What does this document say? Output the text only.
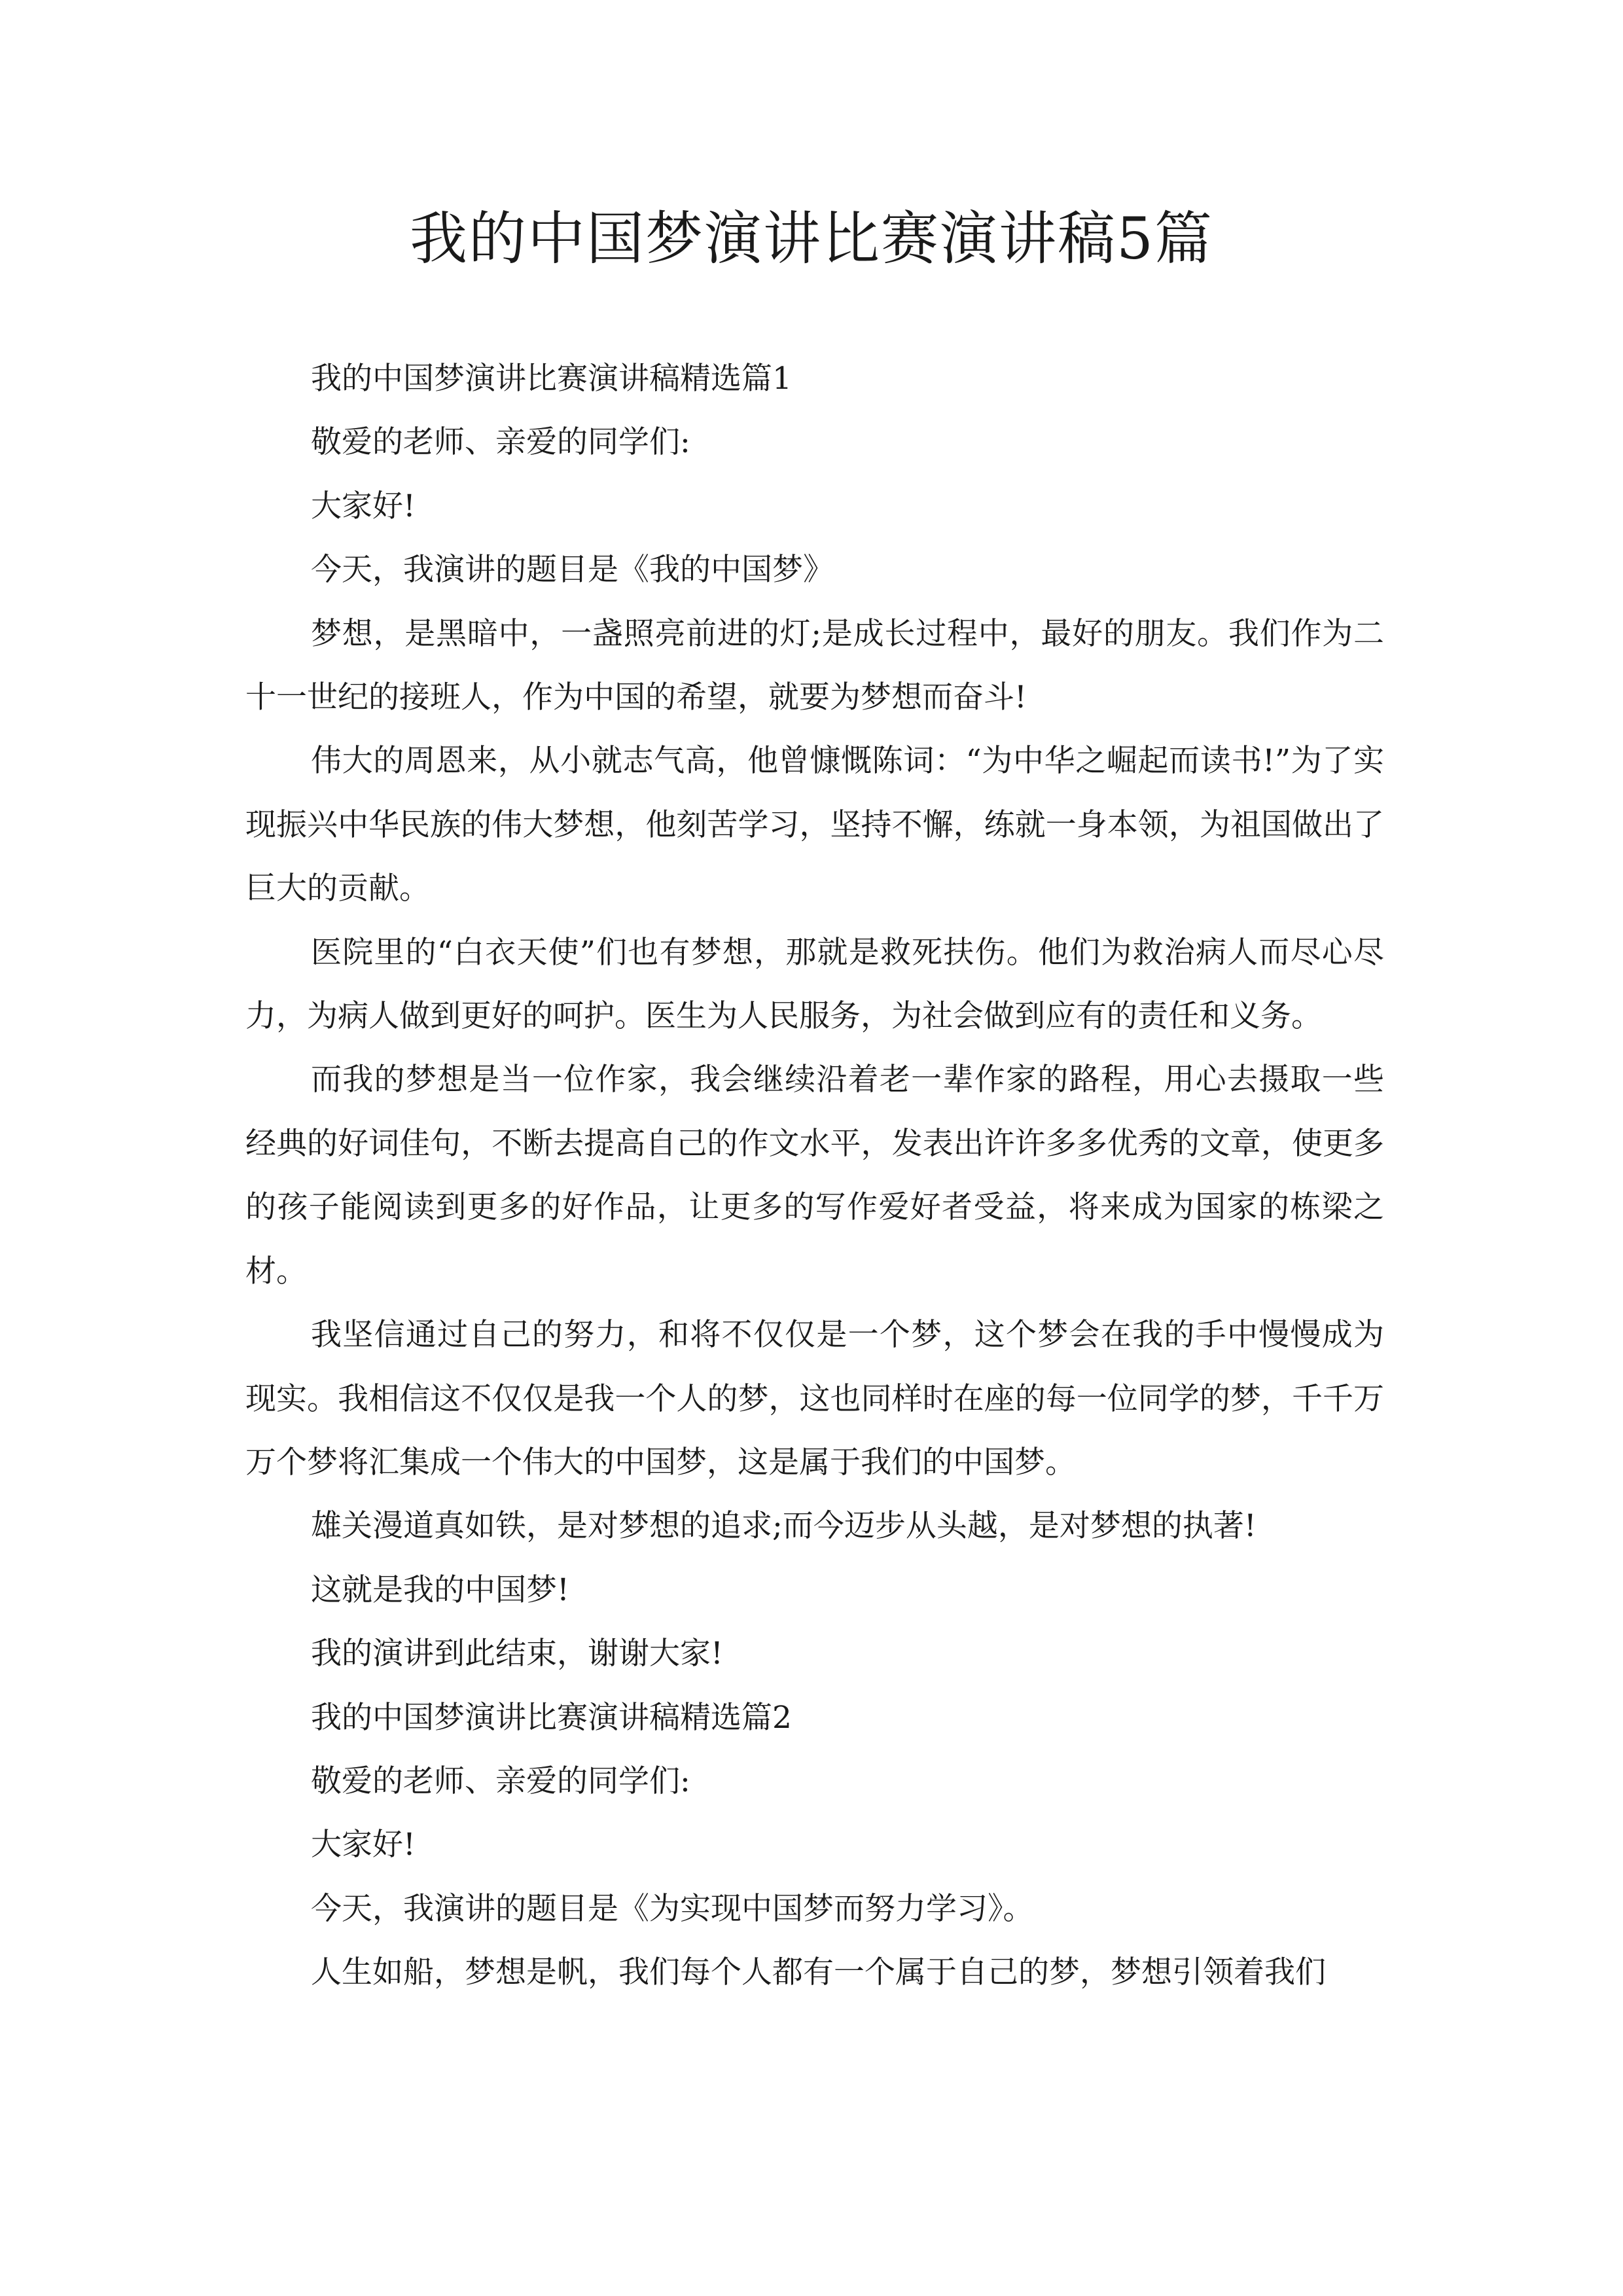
我的中国梦演讲比赛演讲稿5篇

我的中国梦演讲比赛演讲稿精选篇1

敬爱的老师、亲爱的同学们:

大家好!

今天，我演讲的题目是《我的中国梦》

梦想，是黑暗中，一盏照亮前进的灯;是成长过程中，最好的朋友。我们作为二十一世纪的接班人，作为中国的希望，就要为梦想而奋斗!

伟大的周恩来，从小就志气高，他曾慷慨陈词：“为中华之崛起而读书!”为了实现振兴中华民族的伟大梦想，他刻苦学习，坚持不懈，练就一身本领，为祖国做出了巨大的贡献。

医院里的“白衣天使”们也有梦想，那就是救死扶伤。他们为救治病人而尽心尽力，为病人做到更好的呵护。医生为人民服务，为社会做到应有的责任和义务。

而我的梦想是当一位作家，我会继续沿着老一辈作家的路程，用心去摄取一些经典的好词佳句，不断去提高自己的作文水平，发表出许许多多优秀的文章，使更多的孩子能阅读到更多的好作品，让更多的写作爱好者受益，将来成为国家的栋梁之材。

我坚信通过自己的努力，和将不仅仅是一个梦，这个梦会在我的手中慢慢成为现实。我相信这不仅仅是我一个人的梦，这也同样时在座的每一位同学的梦，千千万万个梦将汇集成一个伟大的中国梦，这是属于我们的中国梦。

雄关漫道真如铁，是对梦想的追求;而今迈步从头越，是对梦想的执著!

这就是我的中国梦!

我的演讲到此结束，谢谢大家!

我的中国梦演讲比赛演讲稿精选篇2

敬爱的老师、亲爱的同学们:

大家好!

今天，我演讲的题目是《为实现中国梦而努力学习》。

人生如船，梦想是帆，我们每个人都有一个属于自己的梦，梦想引领着我们
